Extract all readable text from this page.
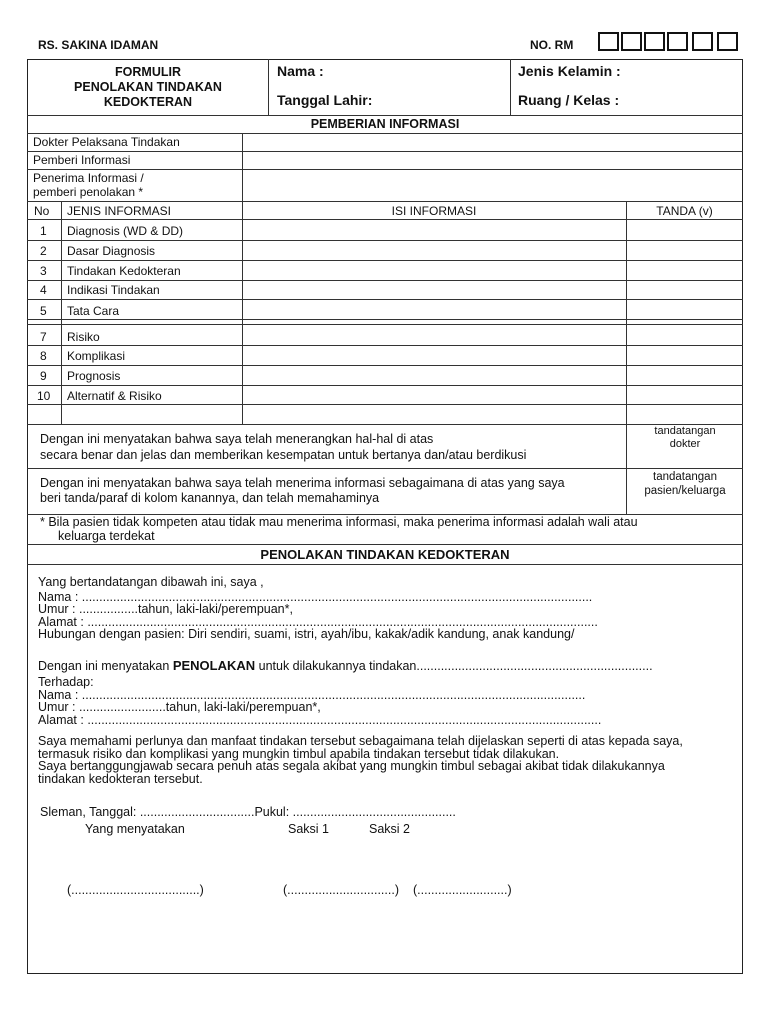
RS. SAKINA IDAMAN	NO. RM
FORMULIR
PENOLAKAN TINDAKAN
KEDOKTERAN
Nama :
Tanggal Lahir:
Jenis Kelamin :
Ruang / Kelas :
PEMBERIAN INFORMASI
Dokter Pelaksana Tindakan
Pemberi Informasi
Penerima Informasi /
pemberi penolakan *
No JENIS INFORMASI	ISI INFORMASI	TANDA (v)
1 Diagnosis (WD & DD)
2 Dasar Diagnosis
3 Tindakan Kedokteran
4 Indikasi Tindakan
5 Tata Cara
7 Risiko
8 Komplikasi
9 Prognosis
10 Alternatif & Risiko
Dengan ini menyatakan bahwa saya telah menerangkan hal-hal di atas
secara benar dan jelas dan memberikan kesempatan untuk bertanya dan/atau berdikusi
tandatangan
dokter
Dengan ini menyatakan bahwa saya telah menerima informasi sebagaimana di atas yang saya
beri tanda/paraf di kolom kanannya, dan telah memahaminya
tandatangan
pasien/keluarga
* Bila pasien tidak kompeten atau tidak mau menerima informasi, maka penerima informasi adalah wali atau
keluarga terdekat
PENOLAKAN TINDAKAN KEDOKTERAN
Yang bertandatangan dibawah ini, saya ,
Nama : ...................................................................................................................................................
Umur : .................tahun, laki-laki/perempuan*,
Alamat : ...................................................................................................................................................
Hubungan dengan pasien: Diri sendiri, suami, istri, ayah/ibu, kakak/adik kandung, anak kandung/
Dengan ini menyatakan PENOLAKAN untuk dilakukannya tindakan....................................................................
Terhadap:
Nama : .................................................................................................................................................
Umur : .........................tahun, laki-laki/perempuan*,
Alamat : ....................................................................................................................................................
Saya memahami perlunya dan manfaat tindakan tersebut sebagaimana telah dijelaskan seperti di atas kepada saya,
termasuk risiko dan komplikasi yang mungkin timbul apabila tindakan tersebut tidak dilakukan.
Saya bertanggungjawab secara penuh atas segala akibat yang mungkin timbul sebagai akibat tidak dilakukannya
tindakan kedokteran tersebut.
Sleman, Tanggal: .................................Pukul: ...............................................
Yang menyatakan	Saksi 1	Saksi 2
(.....................................)	(...............................) (..........................)
